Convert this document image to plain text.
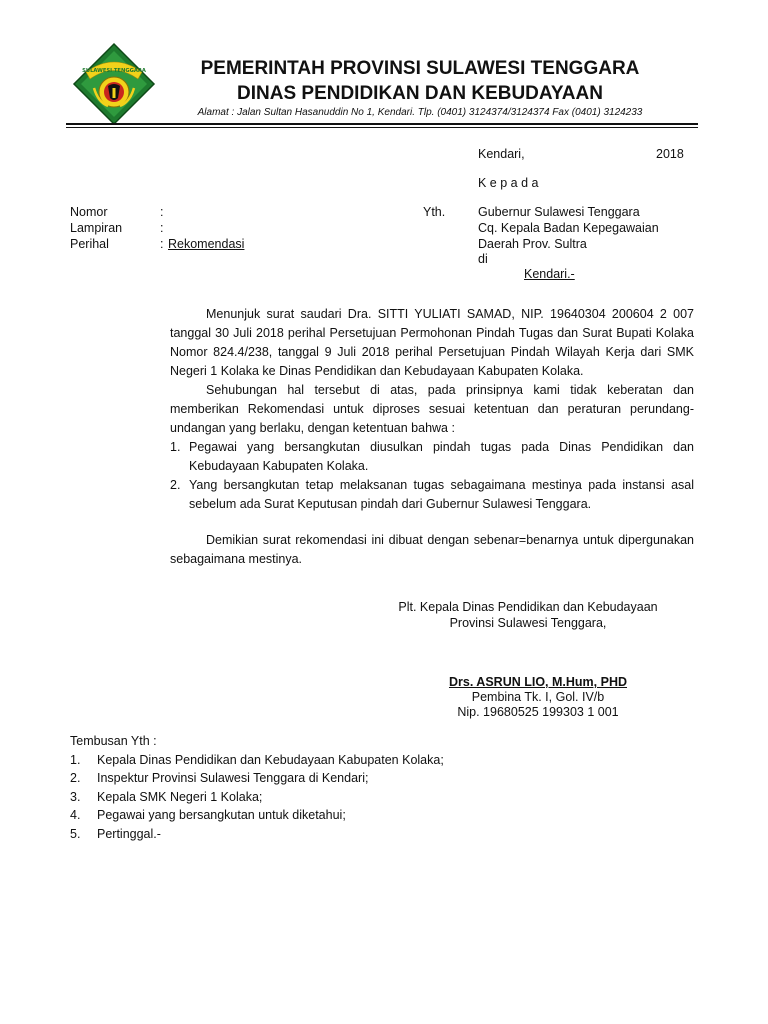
SULAWESI TENGGARA	PEMERINTAH PROVINSI SULAWESI TENGGARA
DINAS PENDIDIKAN DAN KEBUDAYAAN
Alamat : Jalan Sultan Hasanuddin No 1, Kendari. Tlp. (0401) 3124374/3124374 Fax (0401) 3124233
Kendari,	2018
K e p a d a
Nomor	:
Lampiran	:
Perihal	: Rekomendasi
Yth.	Gubernur Sulawesi Tenggara
Cq. Kepala Badan Kepegawaian
Daerah Prov. Sultra
di
Kendari.-
Menunjuk surat saudari Dra. SITTI YULIATI SAMAD, NIP. 19640304 200604 2 007 tanggal 30 Juli 2018 perihal Persetujuan Permohonan Pindah Tugas dan Surat Bupati Kolaka Nomor 824.4/238, tanggal 9 Juli 2018 perihal Persetujuan Pindah Wilayah Kerja dari SMK Negeri 1 Kolaka ke Dinas Pendidikan dan Kebudayaan Kabupaten Kolaka.
Sehubungan hal tersebut di atas, pada prinsipnya kami tidak keberatan dan memberikan Rekomendasi untuk diproses sesuai ketentuan dan peraturan perundang-undangan yang berlaku, dengan ketentuan bahwa :
1. Pegawai yang bersangkutan diusulkan pindah tugas pada Dinas Pendidikan dan Kebudayaan Kabupaten Kolaka.
2. Yang bersangkutan tetap melaksanan tugas sebagaimana mestinya pada instansi asal sebelum ada Surat Keputusan pindah dari Gubernur Sulawesi Tenggara.
Demikian surat rekomendasi ini dibuat dengan sebenar=benarnya untuk dipergunakan sebagaimana mestinya.
Plt. Kepala Dinas Pendidikan dan Kebudayaan
Provinsi Sulawesi Tenggara,
Drs. ASRUN LIO, M.Hum, PHD
Pembina Tk. I, Gol. IV/b
Nip. 19680525 199303 1 001
Tembusan Yth :
1. Kepala Dinas Pendidikan dan Kebudayaan Kabupaten Kolaka;
2. Inspektur Provinsi Sulawesi Tenggara di Kendari;
3. Kepala SMK Negeri 1 Kolaka;
4. Pegawai yang bersangkutan untuk diketahui;
5. Pertinggal.-
